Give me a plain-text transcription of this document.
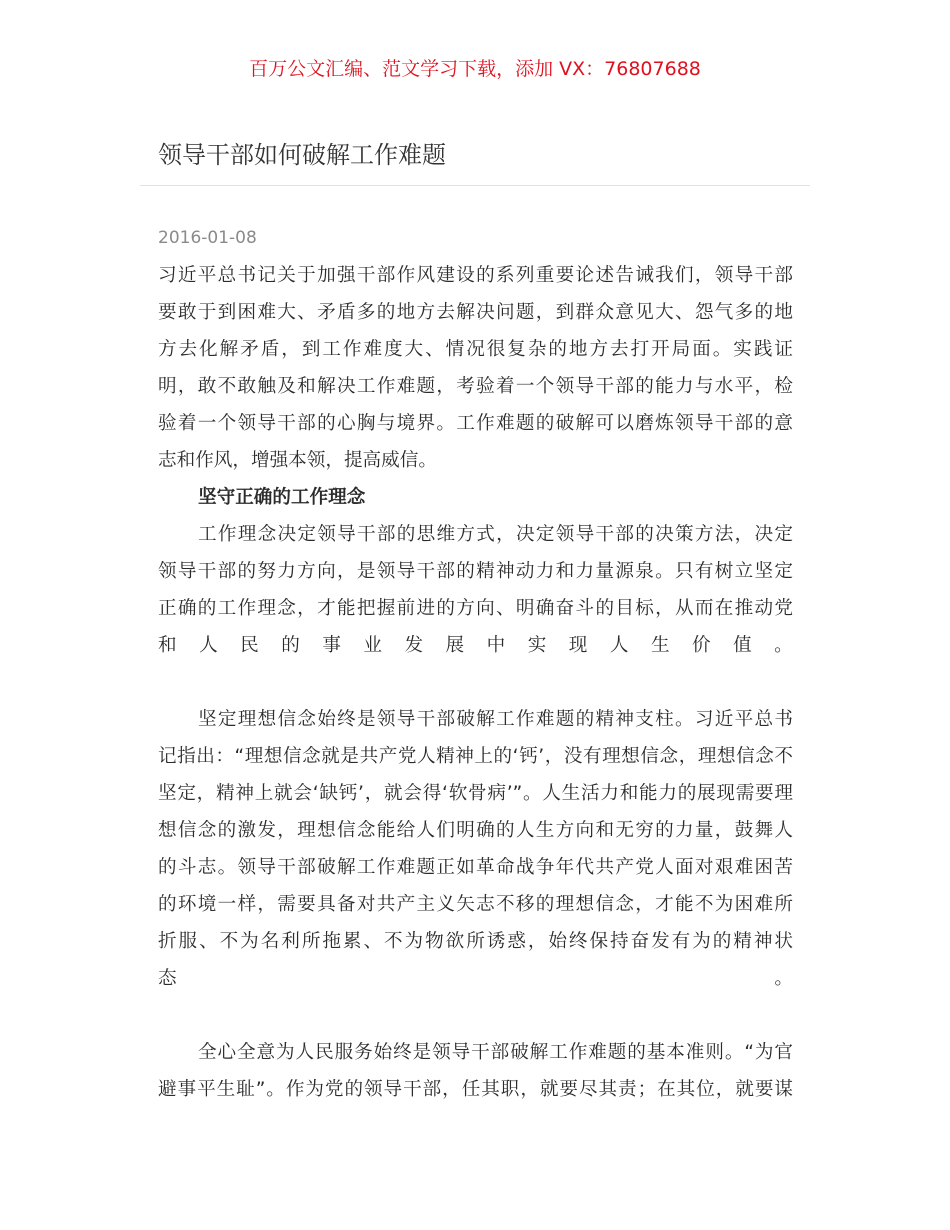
百万公文汇编、范文学习下载，添加 VX：76807688
领导干部如何破解工作难题
2016-01-08
习近平总书记关于加强干部作风建设的系列重要论述告诫我们，领导干部
要敢于到困难大、矛盾多的地方去解决问题，到群众意见大、怨气多的地
方去化解矛盾，到工作难度大、情况很复杂的地方去打开局面。实践证
明，敢不敢触及和解决工作难题，考验着一个领导干部的能力与水平，检
验着一个领导干部的心胸与境界。工作难题的破解可以磨炼领导干部的意
志和作风，增强本领，提高威信。
坚守正确的工作理念
工作理念决定领导干部的思维方式，决定领导干部的决策方法，决定
领导干部的努力方向，是领导干部的精神动力和力量源泉。只有树立坚定
正确的工作理念，才能把握前进的方向、明确奋斗的目标，从而在推动党
和 人 民 的 事 业 发 展 中 实 现 人 生 价 值 。
坚定理想信念始终是领导干部破解工作难题的精神支柱。习近平总书
记指出：“理想信念就是共产党人精神上的‘钙’，没有理想信念，理想信念不
坚定，精神上就会‘缺钙’，就会得‘软骨病’”。人生活力和能力的展现需要理
想信念的激发，理想信念能给人们明确的人生方向和无穷的力量，鼓舞人
的斗志。领导干部破解工作难题正如革命战争年代共产党人面对艰难困苦
的环境一样，需要具备对共产主义矢志不移的理想信念，才能不为困难所
折服、不为名利所拖累、不为物欲所诱惑，始终保持奋发有为的精神状
态	。
全心全意为人民服务始终是领导干部破解工作难题的基本准则。“为官
避事平生耻”。作为党的领导干部，任其职，就要尽其责；在其位，就要谋
